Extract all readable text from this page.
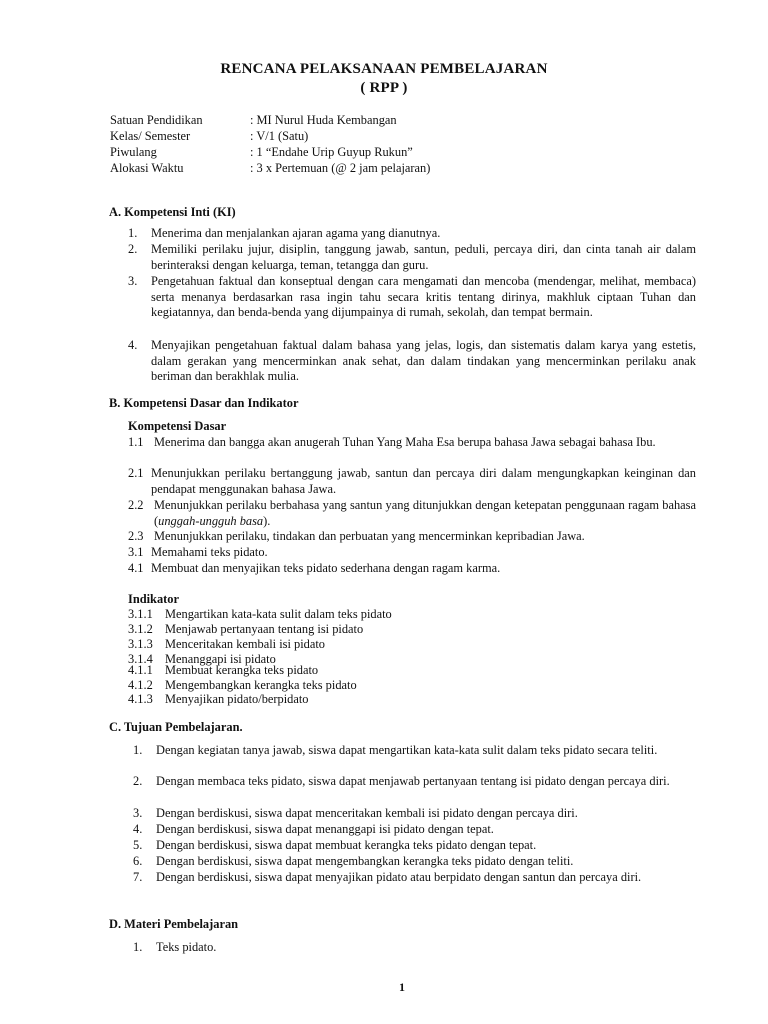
RENCANA PELAKSANAAN PEMBELAJARAN
( RPP )
Satuan Pendidikan	: MI Nurul Huda Kembangan
Kelas/ Semester	: V/1 (Satu)
Piwulang	: 1 “Endahe Urip Guyup Rukun”
Alokasi Waktu	: 3 x Pertemuan (@ 2 jam pelajaran)
A. Kompetensi Inti (KI)
1. Menerima dan menjalankan ajaran agama yang dianutnya.
2. Memiliki perilaku jujur, disiplin, tanggung jawab, santun, peduli, percaya diri, dan cinta tanah air dalam berinteraksi dengan keluarga, teman, tetangga dan guru.
3. Pengetahuan faktual dan konseptual dengan cara mengamati dan mencoba (mendengar, melihat, membaca) serta menanya berdasarkan rasa ingin tahu secara kritis tentang dirinya, makhluk ciptaan Tuhan dan kegiatannya, dan benda-benda yang dijumpainya di rumah, sekolah, dan tempat bermain.
4. Menyajikan pengetahuan faktual dalam bahasa yang jelas, logis, dan sistematis dalam karya yang estetis, dalam gerakan yang mencerminkan anak sehat, dan dalam tindakan yang mencerminkan perilaku anak beriman dan berakhlak mulia.
B. Kompetensi Dasar dan Indikator
Kompetensi Dasar
1.1 Menerima dan bangga akan anugerah Tuhan Yang Maha Esa berupa bahasa Jawa sebagai bahasa Ibu.
2.1 Menunjukkan perilaku bertanggung jawab, santun dan percaya diri dalam mengungkapkan keinginan dan pendapat menggunakan bahasa Jawa.
2.2 Menunjukkan perilaku berbahasa yang santun yang ditunjukkan dengan ketepatan penggunaan ragam bahasa (unggah-ungguh basa).
2.3 Menunjukkan perilaku, tindakan dan perbuatan yang mencerminkan kepribadian Jawa.
3.1 Memahami teks pidato.
4.1 Membuat dan menyajikan teks pidato sederhana dengan ragam karma.
Indikator
3.1.1 Mengartikan kata-kata sulit dalam teks pidato
3.1.2 Menjawab pertanyaan tentang isi pidato
3.1.3 Menceritakan kembali isi pidato
3.1.4 Menanggapi isi pidato
4.1.1 Membuat kerangka teks pidato
4.1.2 Mengembangkan kerangka teks pidato
4.1.3 Menyajikan pidato/berpidato
C. Tujuan Pembelajaran.
1. Dengan kegiatan tanya jawab, siswa dapat mengartikan kata-kata sulit dalam teks pidato secara teliti.
2. Dengan membaca teks pidato, siswa dapat menjawab pertanyaan tentang isi pidato dengan percaya diri.
3. Dengan berdiskusi, siswa dapat menceritakan kembali isi pidato dengan percaya diri.
4. Dengan berdiskusi, siswa dapat menanggapi isi pidato dengan tepat.
5. Dengan berdiskusi, siswa dapat membuat kerangka teks pidato dengan tepat.
6. Dengan berdiskusi, siswa dapat mengembangkan kerangka teks pidato dengan teliti.
7. Dengan berdiskusi, siswa dapat menyajikan pidato atau berpidato dengan santun dan percaya diri.
D. Materi Pembelajaran
1. Teks pidato.
1
